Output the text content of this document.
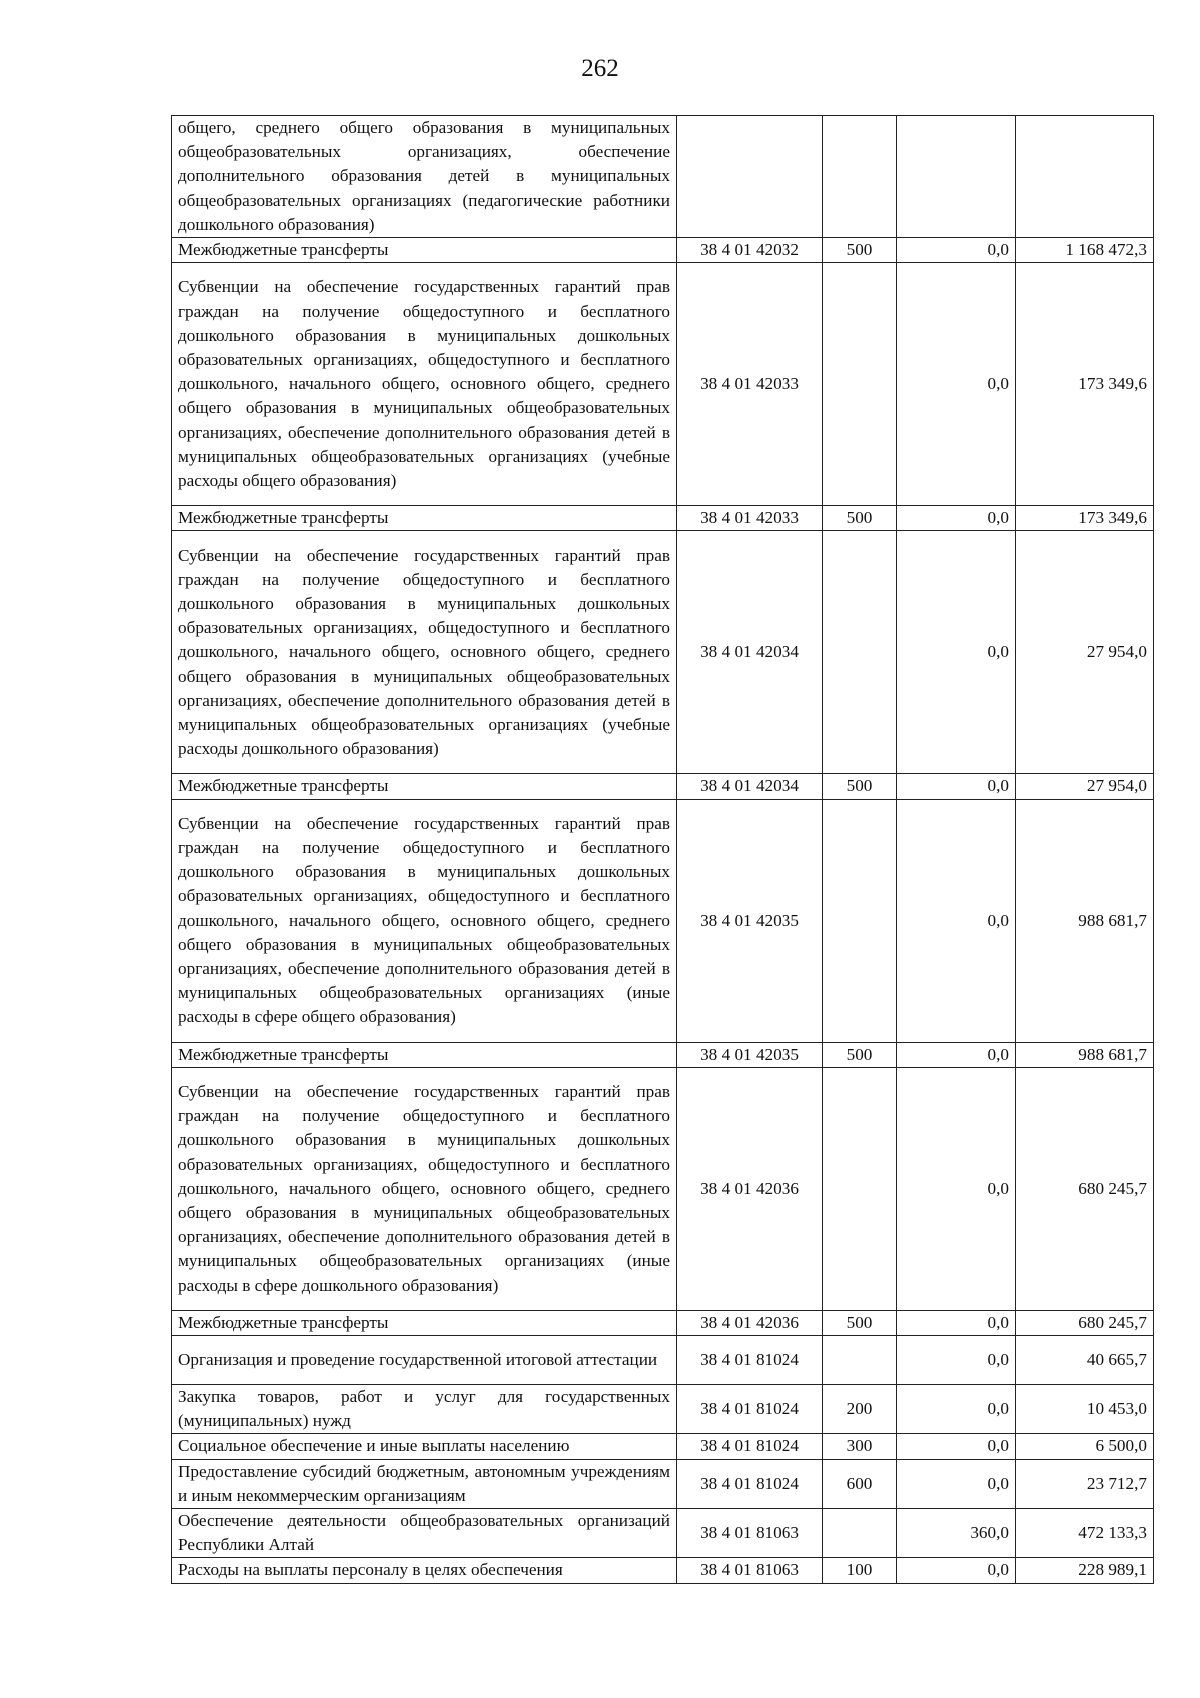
262
общего, среднего общего образования в муниципальных общеобразовательных организациях, обеспечение дополнительного образования детей в муниципальных общеобразовательных организациях (педагогические работники дошкольного образования)				
Межбюджетные трансферты	38 4 01 42032	500	0,0	1 168 472,3
Субвенции на обеспечение государственных гарантий прав граждан на получение общедоступного и бесплатного дошкольного образования в муниципальных дошкольных образовательных организациях, общедоступного и бесплатного дошкольного, начального общего, основного общего, среднего общего образования в муниципальных общеобразовательных организациях, обеспечение дополнительного образования детей в муниципальных общеобразовательных организациях (учебные расходы общего образования)	38 4 01 42033		0,0	173 349,6
Межбюджетные трансферты	38 4 01 42033	500	0,0	173 349,6
Субвенции на обеспечение государственных гарантий прав граждан на получение общедоступного и бесплатного дошкольного образования в муниципальных дошкольных образовательных организациях, общедоступного и бесплатного дошкольного, начального общего, основного общего, среднего общего образования в муниципальных общеобразовательных организациях, обеспечение дополнительного образования детей в муниципальных общеобразовательных организациях (учебные расходы дошкольного образования)	38 4 01 42034		0,0	27 954,0
Межбюджетные трансферты	38 4 01 42034	500	0,0	27 954,0
Субвенции на обеспечение государственных гарантий прав граждан на получение общедоступного и бесплатного дошкольного образования в муниципальных дошкольных образовательных организациях, общедоступного и бесплатного дошкольного, начального общего, основного общего, среднего общего образования в муниципальных общеобразовательных организациях, обеспечение дополнительного образования детей в муниципальных общеобразовательных организациях (иные расходы в сфере общего образования)	38 4 01 42035		0,0	988 681,7
Межбюджетные трансферты	38 4 01 42035	500	0,0	988 681,7
Субвенции на обеспечение государственных гарантий прав граждан на получение общедоступного и бесплатного дошкольного образования в муниципальных дошкольных образовательных организациях, общедоступного и бесплатного дошкольного, начального общего, основного общего, среднего общего образования в муниципальных общеобразовательных организациях, обеспечение дополнительного образования детей в муниципальных общеобразовательных организациях (иные расходы в сфере дошкольного образования)	38 4 01 42036		0,0	680 245,7
Межбюджетные трансферты	38 4 01 42036	500	0,0	680 245,7
Организация и проведение государственной итоговой аттестации	38 4 01 81024		0,0	40 665,7
Закупка товаров, работ и услуг для государственных (муниципальных) нужд	38 4 01 81024	200	0,0	10 453,0
Социальное обеспечение и иные выплаты населению	38 4 01 81024	300	0,0	6 500,0
Предоставление субсидий бюджетным, автономным учреждениям и иным некоммерческим организациям	38 4 01 81024	600	0,0	23 712,7
Обеспечение деятельности общеобразовательных организаций Республики Алтай	38 4 01 81063		360,0	472 133,3
Расходы на выплаты персоналу в целях обеспечения	38 4 01 81063	100	0,0	228 989,1
